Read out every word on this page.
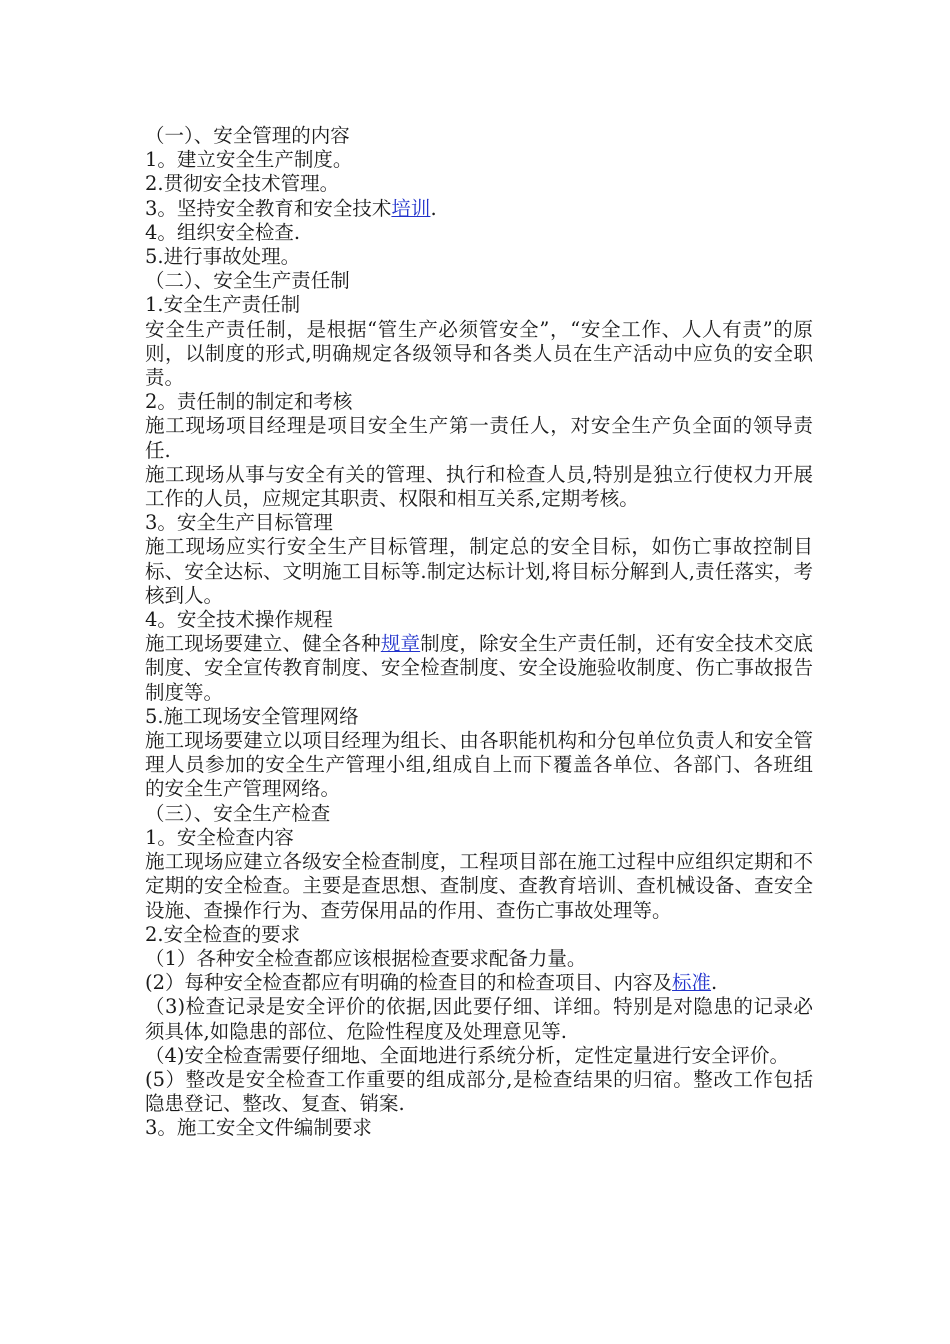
（一）、安全管理的内容
1。建立安全生产制度。
2.贯彻安全技术管理。
3。坚持安全教育和安全技术培训.
4。组织安全检查.
5.进行事故处理。
（二）、安全生产责任制
1.安全生产责任制
安全生产责任制，是根据“管生产必须管安全”，“安全工作、人人有责”的原则，以制度的形式,明确规定各级领导和各类人员在生产活动中应负的安全职责。
2。责任制的制定和考核
施工现场项目经理是项目安全生产第一责任人，对安全生产负全面的领导责任.
施工现场从事与安全有关的管理、执行和检查人员,特别是独立行使权力开展工作的人员，应规定其职责、权限和相互关系,定期考核。
3。安全生产目标管理
施工现场应实行安全生产目标管理，制定总的安全目标，如伤亡事故控制目标、安全达标、文明施工目标等.制定达标计划,将目标分解到人,责任落实，考核到人。
4。安全技术操作规程
施工现场要建立、健全各种规章制度，除安全生产责任制，还有安全技术交底制度、安全宣传教育制度、安全检查制度、安全设施验收制度、伤亡事故报告制度等。
5.施工现场安全管理网络
施工现场要建立以项目经理为组长、由各职能机构和分包单位负责人和安全管理人员参加的安全生产管理小组,组成自上而下覆盖各单位、各部门、各班组的安全生产管理网络。
（三）、安全生产检查
1。安全检查内容
施工现场应建立各级安全检查制度，工程项目部在施工过程中应组织定期和不定期的安全检查。主要是查思想、查制度、查教育培训、查机械设备、查安全设施、查操作行为、查劳保用品的作用、查伤亡事故处理等。
2.安全检查的要求
（1）各种安全检查都应该根据检查要求配备力量。
(2）每种安全检查都应有明确的检查目的和检查项目、内容及标准.
（3)检查记录是安全评价的依据,因此要仔细、详细。特别是对隐患的记录必须具体,如隐患的部位、危险性程度及处理意见等.
（4)安全检查需要仔细地、全面地进行系统分析，定性定量进行安全评价。
(5）整改是安全检查工作重要的组成部分,是检查结果的归宿。整改工作包括隐患登记、整改、复查、销案.
3。施工安全文件编制要求
